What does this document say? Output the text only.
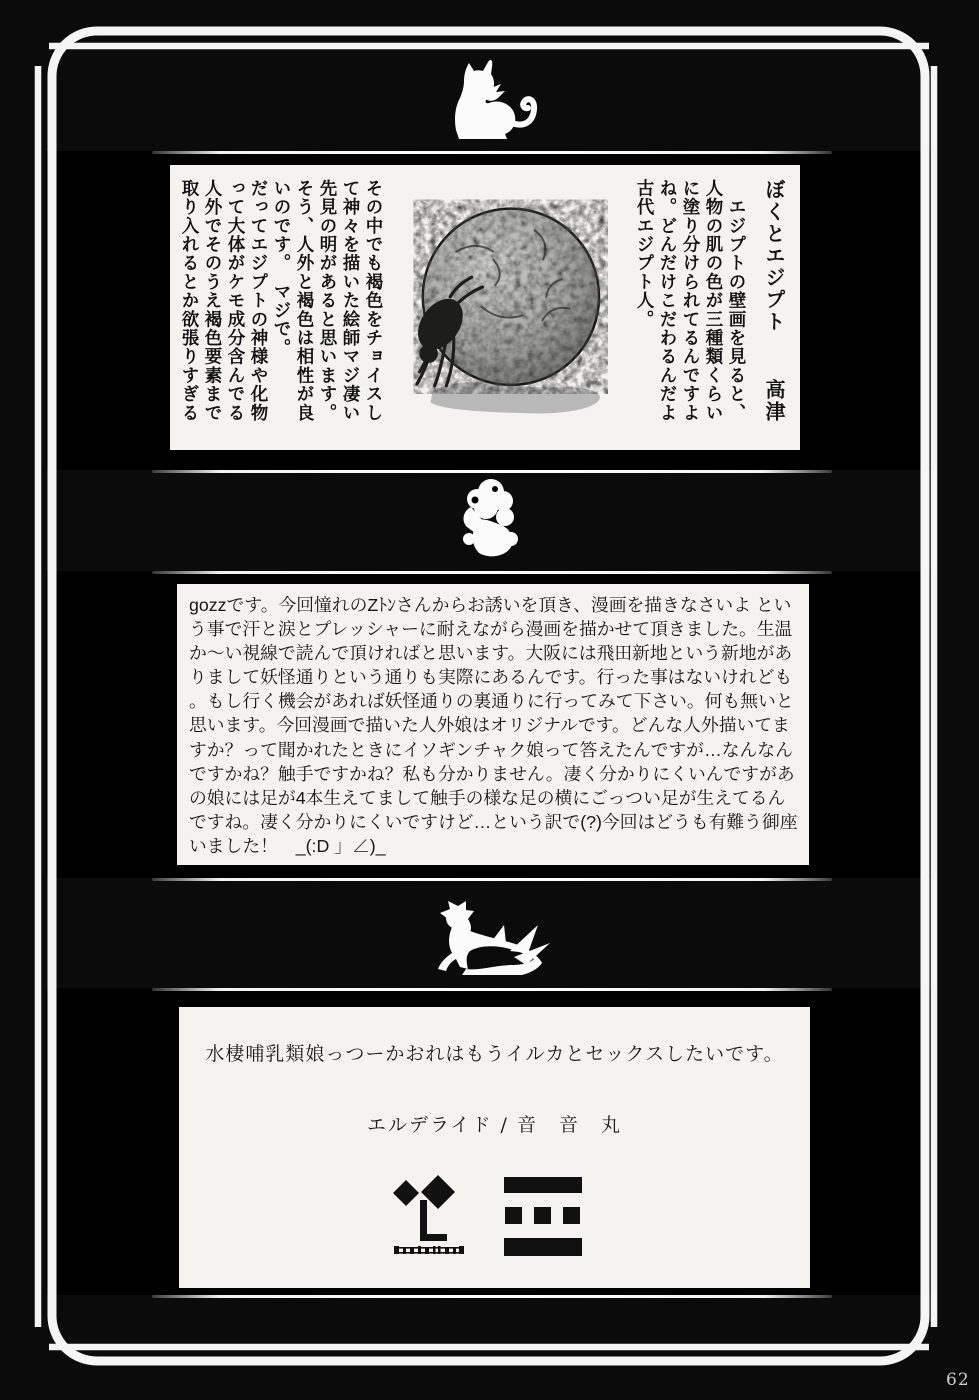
ぼくとエジプト高津
　エジプトの壁画を見ると、
人物の肌の色が三種類くらい
に塗り分けられてるんですよ
ね。どんだけこだわるんだよ
古代エジプト人。
その中でも褐色をチョイスし
て神々を描いた絵師マジ凄い
先見の明があると思います。
そう、人外と褐色は相性が良
いのです。　マジで。
だってエジプトの神様や化物
って大体がケモ成分含んでる
人外でそのうえ褐色要素まで
取り入れるとか欲張りすぎる
gozzです。今回憧れのZﾄﾝさんからお誘いを頂き、漫画を描きなさいよ とい
う事で汗と涙とプレッシャーに耐えながら漫画を描かせて頂きました。生温
か〜い視線で読んで頂ければと思います。大阪には飛田新地という新地があ
りまして妖怪通りという通りも実際にあるんです。行った事はないけれども
。もし行く機会があれば妖怪通りの裏通りに行ってみて下さい。何も無いと
思います。今回漫画で描いた人外娘はオリジナルです。どんな人外描いてま
すか？って聞かれたときにイソギンチャク娘って答えたんですが…なんなん
ですかね？触手ですかね？私も分かりません。凄く分かりにくいんですがあ
の娘には足が4本生えてまして触手の様な足の横にごっつい足が生えてるん
ですね。凄く分かりにくいですけど…という訳で(?)今回はどうも有難う御座
いました！　_(:D 」∠)_
水棲哺乳類娘っつーかおれはもうイルカとセックスしたいです。
エルデライド / 音　音　丸
62
